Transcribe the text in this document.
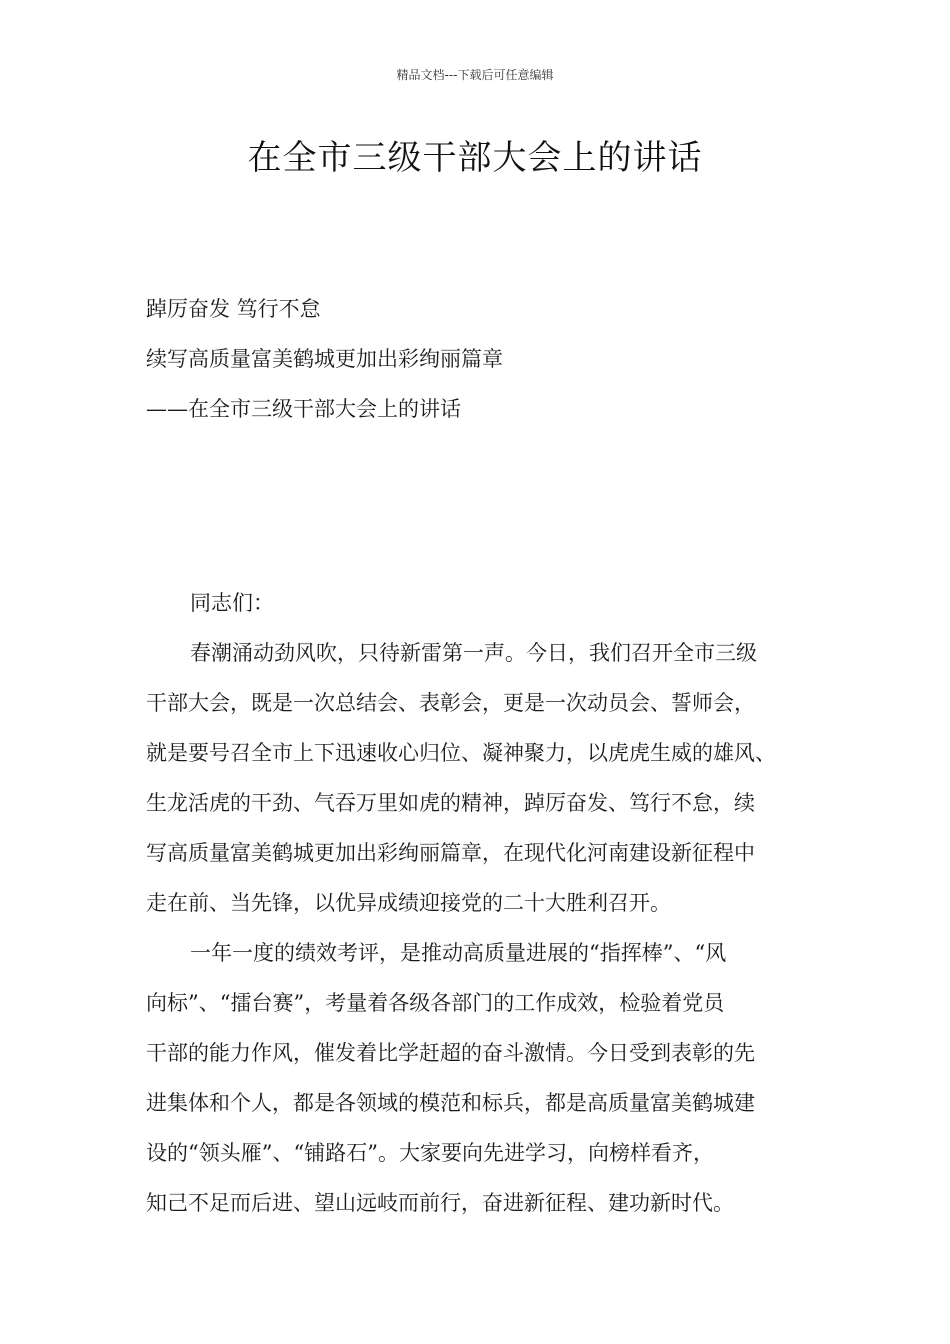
精品文档---下载后可任意编辑
在全市三级干部大会上的讲话
踔厉奋发 笃行不怠
续写高质量富美鹤城更加出彩绚丽篇章
——在全市三级干部大会上的讲话
同志们：
春潮涌动劲风吹，只待新雷第一声。今日，我们召开全市三级
干部大会，既是一次总结会、表彰会，更是一次动员会、誓师会，
就是要号召全市上下迅速收心归位、凝神聚力，以虎虎生威的雄风、
生龙活虎的干劲、气吞万里如虎的精神，踔厉奋发、笃行不怠，续
写高质量富美鹤城更加出彩绚丽篇章，在现代化河南建设新征程中
走在前、当先锋，以优异成绩迎接党的二十大胜利召开。
一年一度的绩效考评，是推动高质量进展的“指挥棒”、“风
向标”、“擂台赛”，考量着各级各部门的工作成效，检验着党员
干部的能力作风，催发着比学赶超的奋斗激情。今日受到表彰的先
进集体和个人，都是各领域的模范和标兵，都是高质量富美鹤城建
设的“领头雁”、“铺路石”。大家要向先进学习，向榜样看齐，
知己不足而后进、望山远岐而前行，奋进新征程、建功新时代。
